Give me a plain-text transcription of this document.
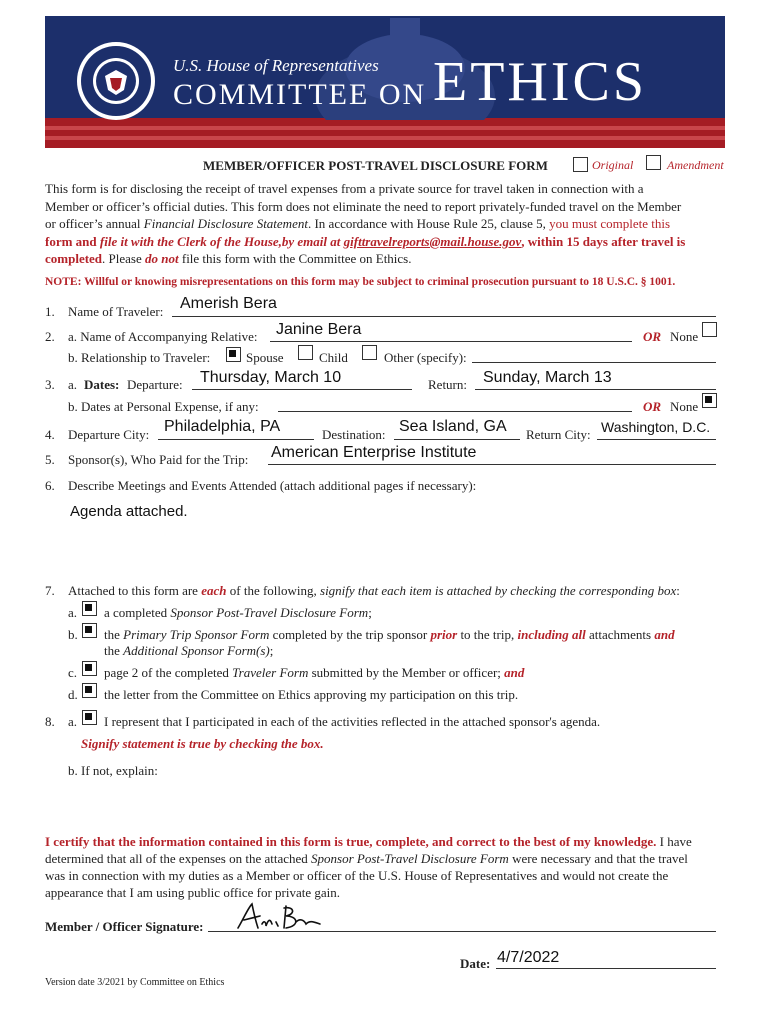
U.S. House of Representatives
COMMITTEE ON ETHICS
MEMBER/OFFICER POST-TRAVEL DISCLOSURE FORM	Original	Amendment
This form is for disclosing the receipt of travel expenses from a private source for travel taken in connection with a
Member or officer’s official duties. This form does not eliminate the need to report privately-funded travel on the Member
or officer’s annual Financial Disclosure Statement. In accordance with House Rule 25, clause 5, you must complete this
form and file it with the Clerk of the House,by email at gifttravelreports@mail.house.gov, within 15 days after travel is
completed. Please do not file this form with the Committee on Ethics.
NOTE: Willful or knowing misrepresentations on this form may be subject to criminal prosecution pursuant to 18 U.S.C. § 1001.
1. Name of Traveler: Amerish Bera
2. a. Name of Accompanying Relative: Janine Bera	OR None
b. Relationship to Traveler:	Spouse	Child	Other (specify):
3. a. Dates: Departure: Thursday, March 10	Return: Sunday, March 13
b. Dates at Personal Expense, if any:	OR None
4. Departure City: Philadelphia, PA	Destination: Sea Island, GA Return City: Washington, D.C.
5. Sponsor(s), Who Paid for the Trip: American Enterprise Institute
6. Describe Meetings and Events Attended (attach additional pages if necessary):
Agenda attached.
7. Attached to this form are each of the following, signify that each item is attached by checking the corresponding box:
a. a completed Sponsor Post-Travel Disclosure Form;
b. the Primary Trip Sponsor Form completed by the trip sponsor prior to the trip, including all attachments and
the Additional Sponsor Form(s);
c. page 2 of the completed Traveler Form submitted by the Member or officer; and
d. the letter from the Committee on Ethics approving my participation on this trip.
8. a. I represent that I participated in each of the activities reflected in the attached sponsor's agenda.
Signify statement is true by checking the box.
b. If not, explain:
I certify that the information contained in this form is true, complete, and correct to the best of my knowledge. I have
determined that all of the expenses on the attached Sponsor Post-Travel Disclosure Form were necessary and that the travel
was in connection with my duties as a Member or officer of the U.S. House of Representatives and would not create the
appearance that I am using public office for private gain.
Member / Officer Signature:
Date: 4/7/2022
Version date 3/2021 by Committee on Ethics
